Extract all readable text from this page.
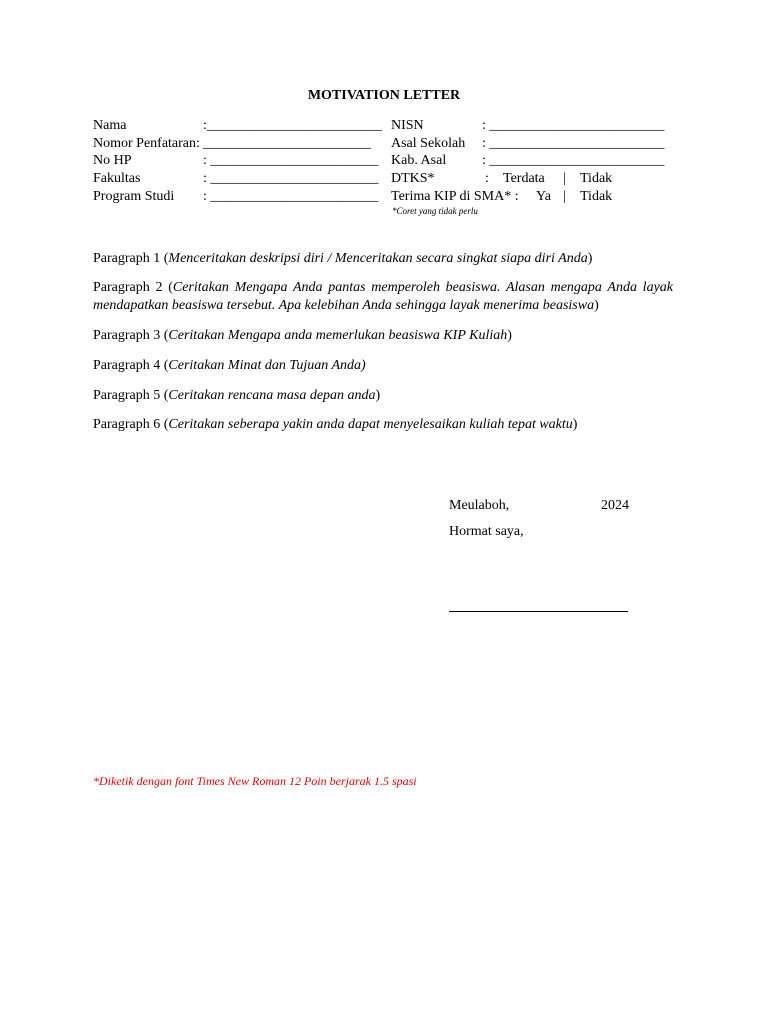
MOTIVATION LETTER
Nama	:_________________________
Nomor Penfataran: ________________________
No HP	: ________________________
Fakultas	: ________________________
Program Studi : ________________________
NISN	: _________________________
Asal Sekolah : _________________________
Kab. Asal	: _________________________
DTKS*	: Terdata | Tidak
Terima KIP di SMA* : Ya | Tidak
*Coret yang tidak perlu
Paragraph 1 (Menceritakan deskripsi diri / Menceritakan secara singkat siapa diri Anda)
Paragraph 2 (Ceritakan Mengapa Anda pantas memperoleh beasiswa. Alasan mengapa Anda layak mendapatkan beasiswa tersebut. Apa kelebihan Anda sehingga layak menerima beasiswa)
Paragraph 3 (Ceritakan Mengapa anda memerlukan beasiswa KIP Kuliah)
Paragraph 4 (Ceritakan Minat dan Tujuan Anda)
Paragraph 5 (Ceritakan rencana masa depan anda)
Paragraph 6 (Ceritakan seberapa yakin anda dapat menyelesaikan kuliah tepat waktu)
Meulaboh,	2024
Hormat saya,
*Diketik dengan font Times New Roman 12 Poin berjarak 1.5 spasi
